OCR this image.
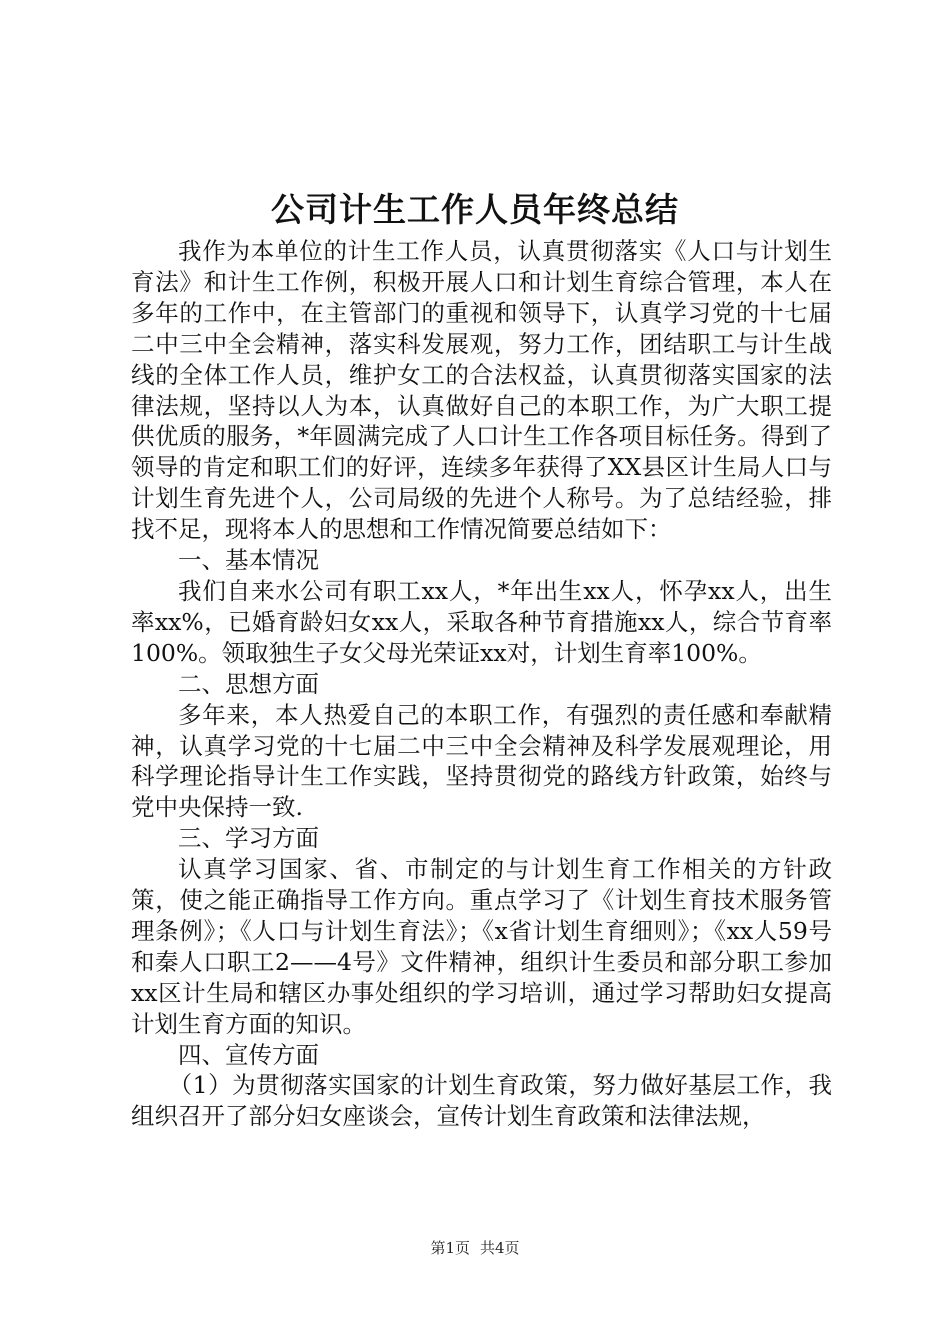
公司计生工作人员年终总结

我作为本单位的计生工作人员，认真贯彻落实《人口与计划生育法》和计生工作例，积极开展人口和计划生育综合管理，本人在多年的工作中，在主管部门的重视和领导下，认真学习党的十七届二中三中全会精神，落实科发展观，努力工作，团结职工与计生战线的全体工作人员，维护女工的合法权益，认真贯彻落实国家的法律法规，坚持以人为本，认真做好自己的本职工作，为广大职工提供优质的服务，*年圆满完成了人口计生工作各项目标任务。得到了领导的肯定和职工们的好评，连续多年获得了XX县区计生局人口与计划生育先进个人，公司局级的先进个人称号。为了总结经验，排找不足，现将本人的思想和工作情况简要总结如下：

一、基本情况

我们自来水公司有职工xx人，*年出生xx人，怀孕xx人，出生率xx%，已婚育龄妇女xx人，采取各种节育措施xx人，综合节育率100%。领取独生子女父母光荣证xx对，计划生育率100%。

二、思想方面

多年来，本人热爱自己的本职工作，有强烈的责任感和奉献精神，认真学习党的十七届二中三中全会精神及科学发展观理论，用科学理论指导计生工作实践，坚持贯彻党的路线方针政策，始终与党中央保持一致.

三、学习方面

认真学习国家、省、市制定的与计划生育工作相关的方针政策，使之能正确指导工作方向。重点学习了《计划生育技术服务管理条例》；《人口与计划生育法》；《x省计划生育细则》；《xx人59号和秦人口职工2——4号》文件精神，组织计生委员和部分职工参加xx区计生局和辖区办事处组织的学习培训，通过学习帮助妇女提高计划生育方面的知识。

四、宣传方面

（1）为贯彻落实国家的计划生育政策，努力做好基层工作，我组织召开了部分妇女座谈会，宣传计划生育政策和法律法规，

第1页 共4页
